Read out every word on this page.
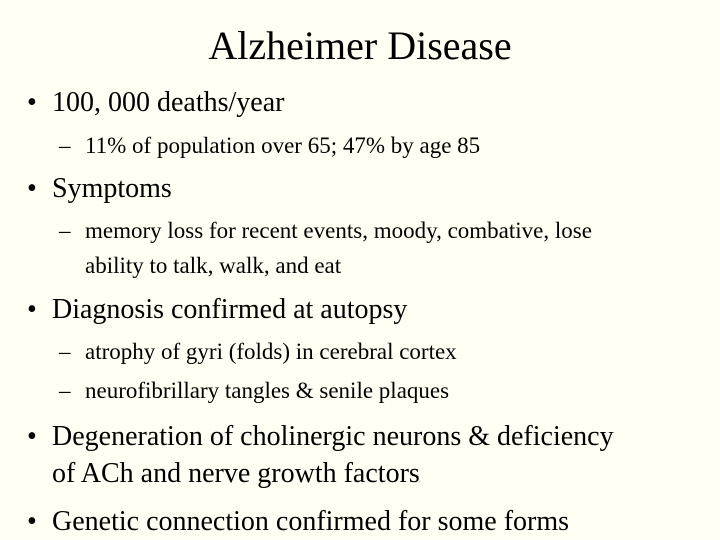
Alzheimer Disease
• 100, 000 deaths/year
– 11% of population over 65; 47% by age 85
• Symptoms
– memory loss for recent events, moody, combative, lose
ability to talk, walk, and eat
• Diagnosis confirmed at autopsy
– atrophy of gyri (folds) in cerebral cortex
– neurofibrillary tangles & senile plaques
• Degeneration of cholinergic neurons & deficiency
of ACh and nerve growth factors
• Genetic connection confirmed for some forms
